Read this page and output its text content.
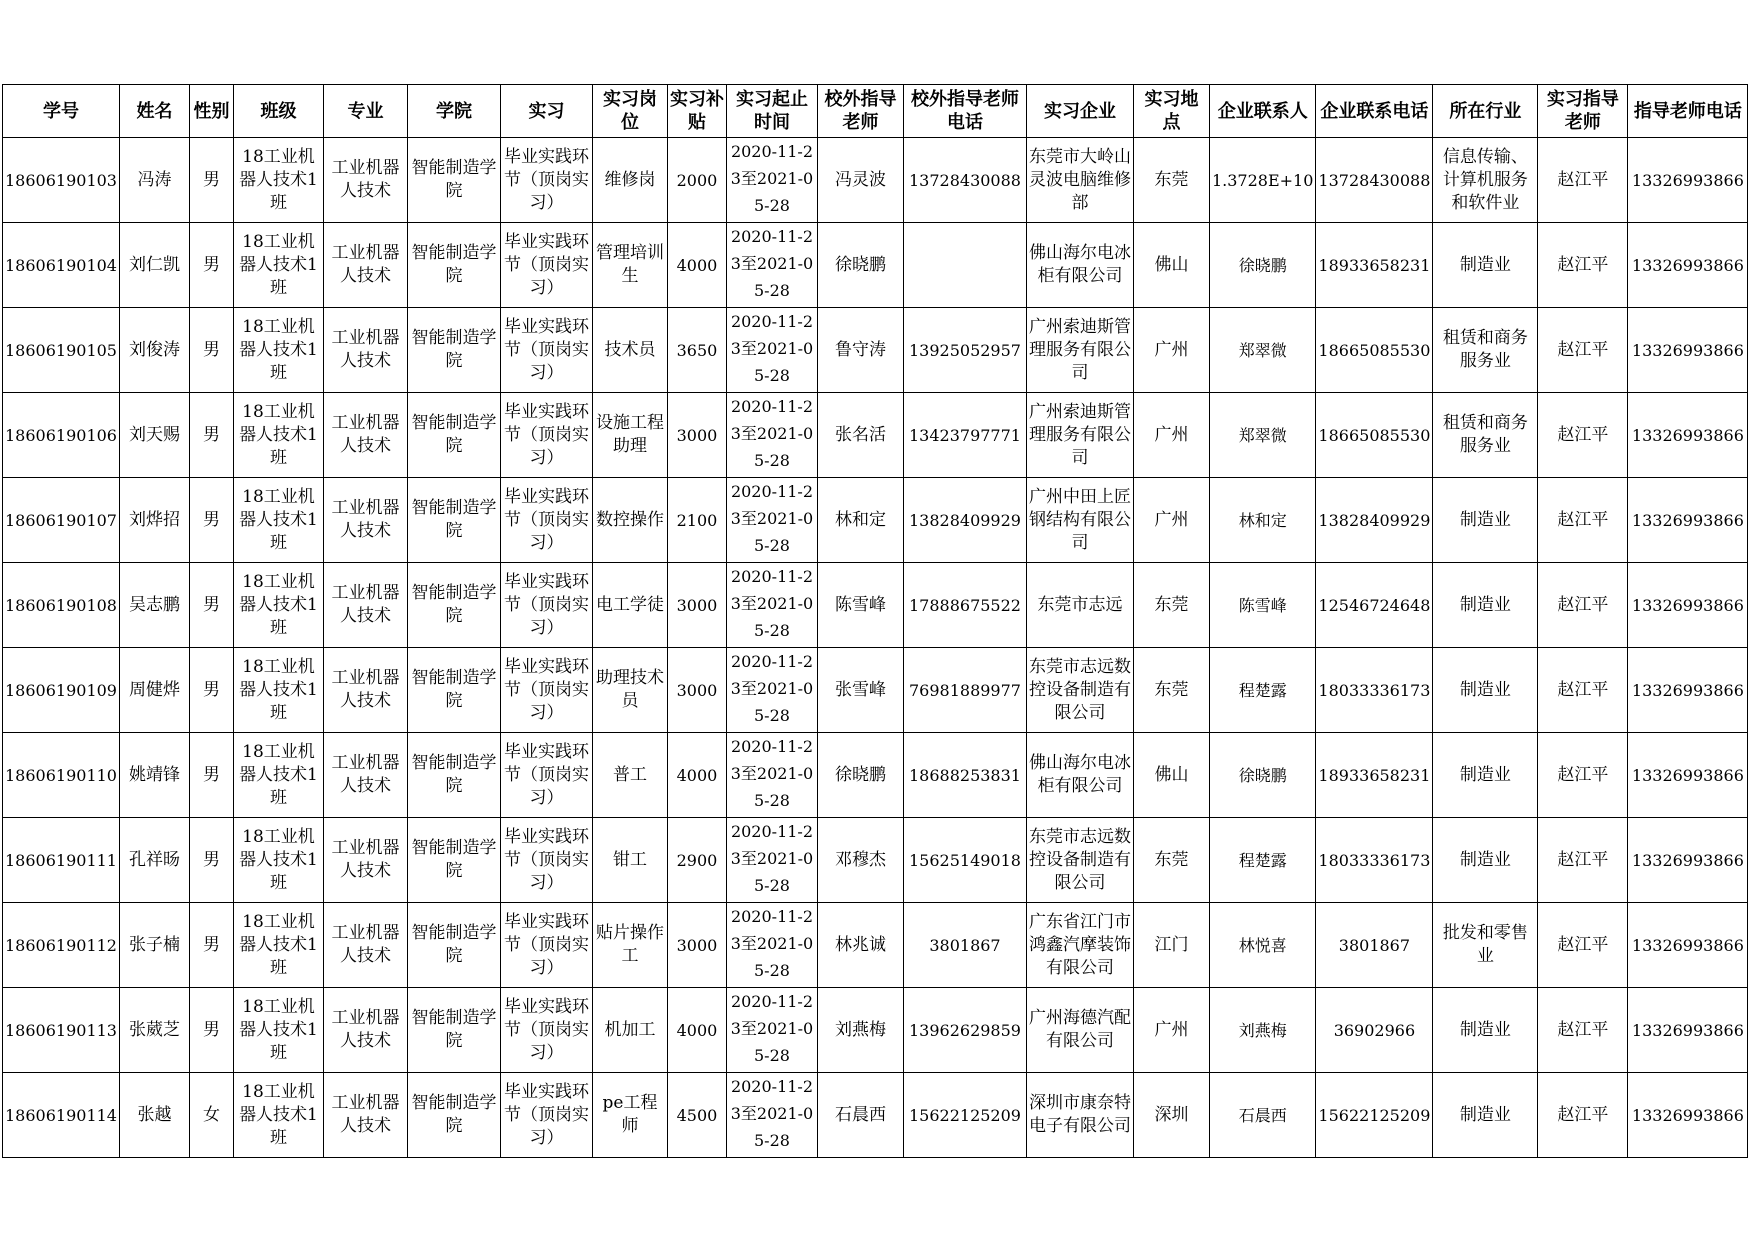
学号	姓名	性别	班级	专业	学院	实习	实习岗位	实习补贴	实习起止时间	校外指导老师	校外指导老师电话	实习企业	实习地点	企业联系人	企业联系电话	所在行业	实习指导老师	指导老师电话
18606190103	冯涛	男	18工业机器人技术1班	工业机器人技术	智能制造学院	毕业实践环节（顶岗实习）	维修岗	2000	2020-11-23至2021-05-28	冯灵波	13728430088	东莞市大岭山灵波电脑维修部	东莞	1.3728E+10	13728430088	信息传输、计算机服务和软件业	赵江平	13326993866
18606190104	刘仁凯	男	18工业机器人技术1班	工业机器人技术	智能制造学院	毕业实践环节（顶岗实习）	管理培训生	4000	2020-11-23至2021-05-28	徐晓鹏		佛山海尔电冰柜有限公司	佛山	徐晓鹏	18933658231	制造业	赵江平	13326993866
18606190105	刘俊涛	男	18工业机器人技术1班	工业机器人技术	智能制造学院	毕业实践环节（顶岗实习）	技术员	3650	2020-11-23至2021-05-28	鲁守涛	13925052957	广州索迪斯管理服务有限公司	广州	郑翠微	18665085530	租赁和商务服务业	赵江平	13326993866
18606190106	刘天赐	男	18工业机器人技术1班	工业机器人技术	智能制造学院	毕业实践环节（顶岗实习）	设施工程助理	3000	2020-11-23至2021-05-28	张名活	13423797771	广州索迪斯管理服务有限公司	广州	郑翠微	18665085530	租赁和商务服务业	赵江平	13326993866
18606190107	刘烨招	男	18工业机器人技术1班	工业机器人技术	智能制造学院	毕业实践环节（顶岗实习）	数控操作	2100	2020-11-23至2021-05-28	林和定	13828409929	广州中田上匠钢结构有限公司	广州	林和定	13828409929	制造业	赵江平	13326993866
18606190108	吴志鹏	男	18工业机器人技术1班	工业机器人技术	智能制造学院	毕业实践环节（顶岗实习）	电工学徒	3000	2020-11-23至2021-05-28	陈雪峰	17888675522	东莞市志远	东莞	陈雪峰	12546724648	制造业	赵江平	13326993866
18606190109	周健烨	男	18工业机器人技术1班	工业机器人技术	智能制造学院	毕业实践环节（顶岗实习）	助理技术员	3000	2020-11-23至2021-05-28	张雪峰	76981889977	东莞市志远数控设备制造有限公司	东莞	程楚露	18033336173	制造业	赵江平	13326993866
18606190110	姚靖锋	男	18工业机器人技术1班	工业机器人技术	智能制造学院	毕业实践环节（顶岗实习）	普工	4000	2020-11-23至2021-05-28	徐晓鹏	18688253831	佛山海尔电冰柜有限公司	佛山	徐晓鹏	18933658231	制造业	赵江平	13326993866
18606190111	孔祥旸	男	18工业机器人技术1班	工业机器人技术	智能制造学院	毕业实践环节（顶岗实习）	钳工	2900	2020-11-23至2021-05-28	邓穆杰	15625149018	东莞市志远数控设备制造有限公司	东莞	程楚露	18033336173	制造业	赵江平	13326993866
18606190112	张子楠	男	18工业机器人技术1班	工业机器人技术	智能制造学院	毕业实践环节（顶岗实习）	贴片操作工	3000	2020-11-23至2021-05-28	林兆诚	3801867	广东省江门市鸿鑫汽摩装饰有限公司	江门	林悦喜	3801867	批发和零售业	赵江平	13326993866
18606190113	张葳芝	男	18工业机器人技术1班	工业机器人技术	智能制造学院	毕业实践环节（顶岗实习）	机加工	4000	2020-11-23至2021-05-28	刘燕梅	13962629859	广州海德汽配有限公司	广州	刘燕梅	36902966	制造业	赵江平	13326993866
18606190114	张越	女	18工业机器人技术1班	工业机器人技术	智能制造学院	毕业实践环节（顶岗实习）	pe工程师	4500	2020-11-23至2021-05-28	石晨西	15622125209	深圳市康奈特电子有限公司	深圳	石晨西	15622125209	制造业	赵江平	13326993866
